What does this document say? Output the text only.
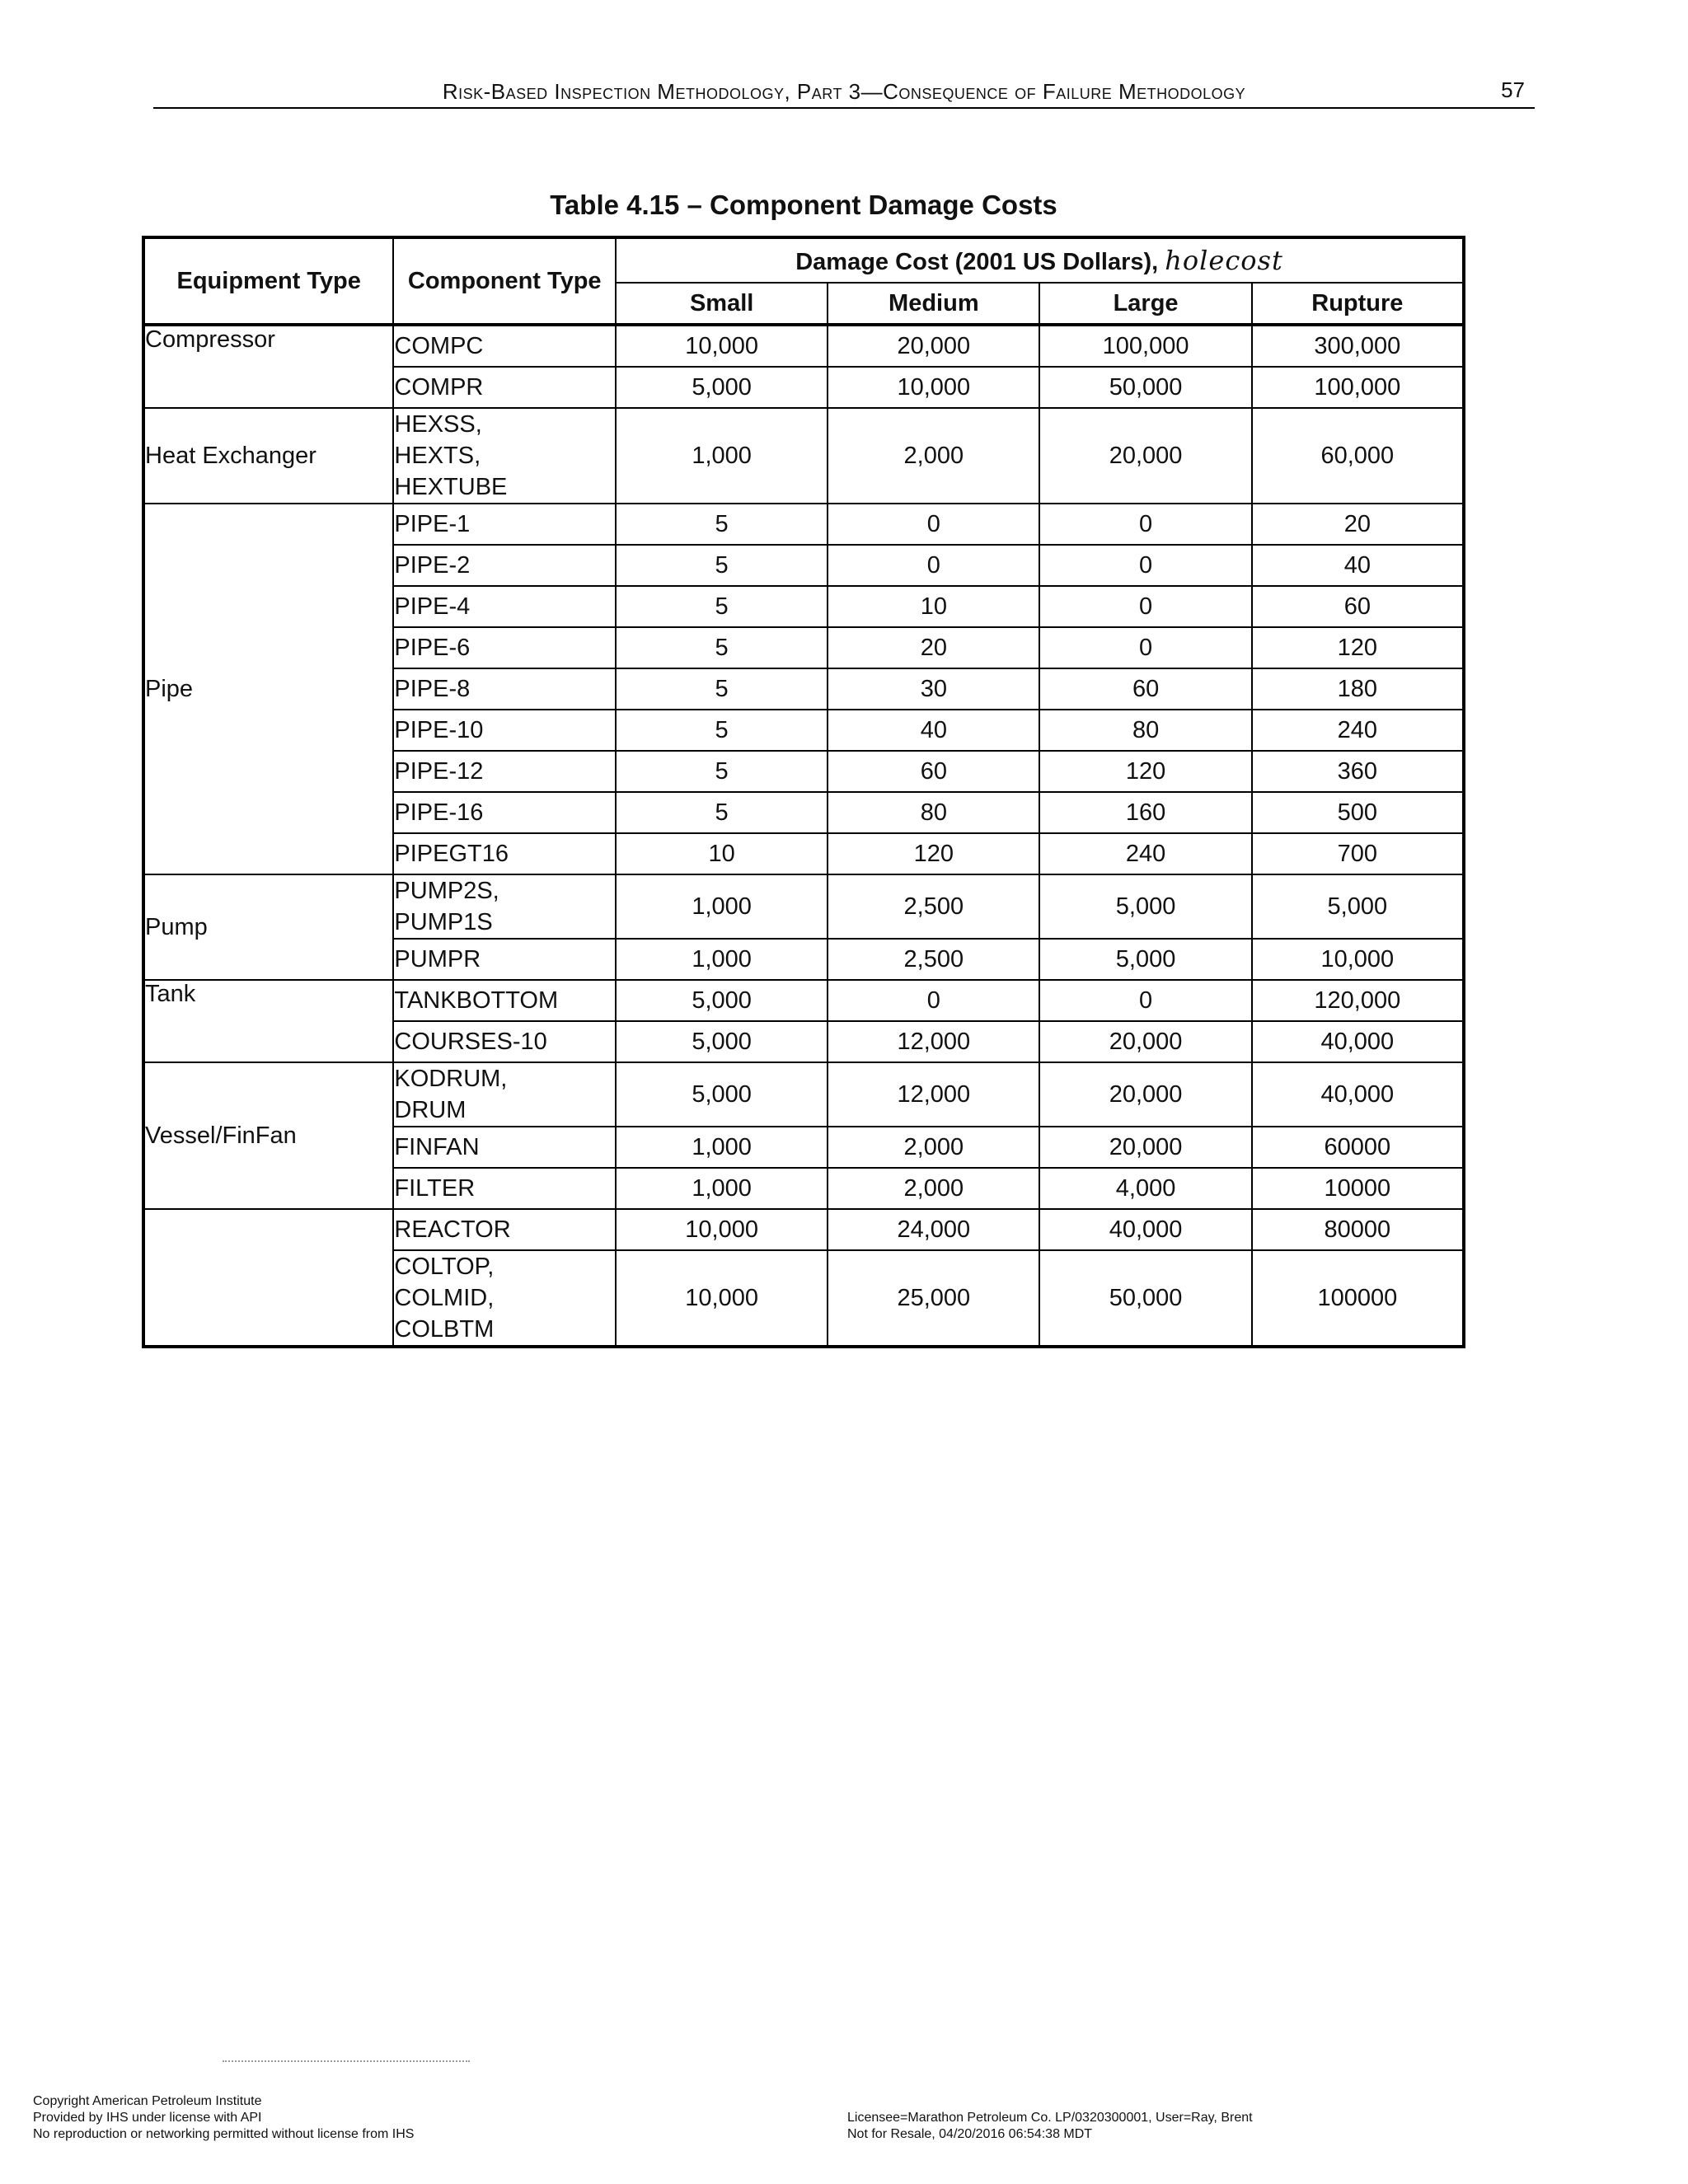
Risk-Based Inspection Methodology, Part 3—Consequence of Failure Methodology	57
Table 4.15 – Component Damage Costs
Equipment Type	Component Type	Damage Cost (2001 US Dollars), holecost			
		Small	Medium	Large	Rupture
Compressor	COMPC	10,000	20,000	100,000	300,000
	COMPR	5,000	10,000	50,000	100,000
Heat Exchanger	HEXSS,
HEXTS,
HEXTUBE	1,000	2,000	20,000	60,000
Pipe	PIPE-1	5	0	0	20
	PIPE-2	5	0	0	40
	PIPE-4	5	10	0	60
	PIPE-6	5	20	0	120
	PIPE-8	5	30	60	180
	PIPE-10	5	40	80	240
	PIPE-12	5	60	120	360
	PIPE-16	5	80	160	500
	PIPEGT16	10	120	240	700
Pump	PUMP2S,
PUMP1S	1,000	2,500	5,000	5,000
	PUMPR	1,000	2,500	5,000	10,000
Tank	TANKBOTTOM	5,000	0	0	120,000
	COURSES-10	5,000	12,000	20,000	40,000
Vessel/FinFan	KODRUM,
DRUM	5,000	12,000	20,000	40,000
	FINFAN	1,000	2,000	20,000	60000
	FILTER	1,000	2,000	4,000	10000
	REACTOR	10,000	24,000	40,000	80000

	COLTOP,
COLMID,
COLBTM	10,000	25,000	50,000	100000
Copyright American Petroleum Institute
Provided by IHS under license with API
No reproduction or networking permitted without license from IHS
Licensee=Marathon Petroleum Co. LP/0320300001, User=Ray, Brent
Not for Resale, 04/20/2016 06:54:38 MDT
